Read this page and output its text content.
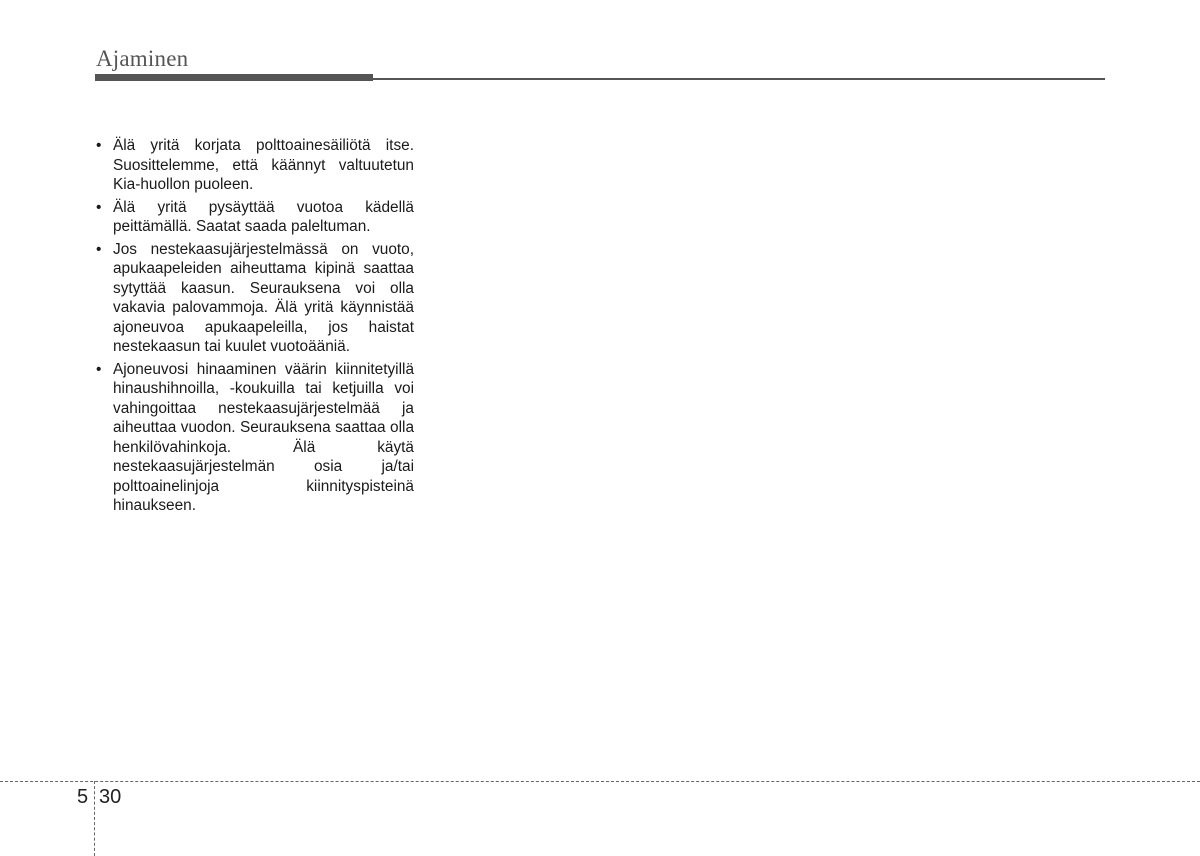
Ajaminen
• Älä yritä korjata polttoainesäiliötä itse. Suosittelemme, että käännyt valtuutetun Kia-huollon puoleen.
• Älä yritä pysäyttää vuotoa kädellä peittämällä. Saatat saada paleltuman.
• Jos nestekaasujärjestelmässä on vuoto, apukaapeleiden aiheuttama kipinä saattaa sytyttää kaasun. Seurauksena voi olla vakavia palovammoja. Älä yritä käynnistää ajoneuvoa apukaapeleilla, jos haistat nestekaasun tai kuulet vuotoääniä.
• Ajoneuvosi hinaaminen väärin kiinnitetyillä hinaushihnoilla, -koukuilla tai ketjuilla voi vahingoittaa nestekaasujärjestelmää ja aiheuttaa vuodon. Seurauksena saattaa olla henkilövahinkoja. Älä käytä nestekaasujärjestelmän osia ja/tai polttoainelinjoja kiinnityspisteinä hinaukseen.
5 30
